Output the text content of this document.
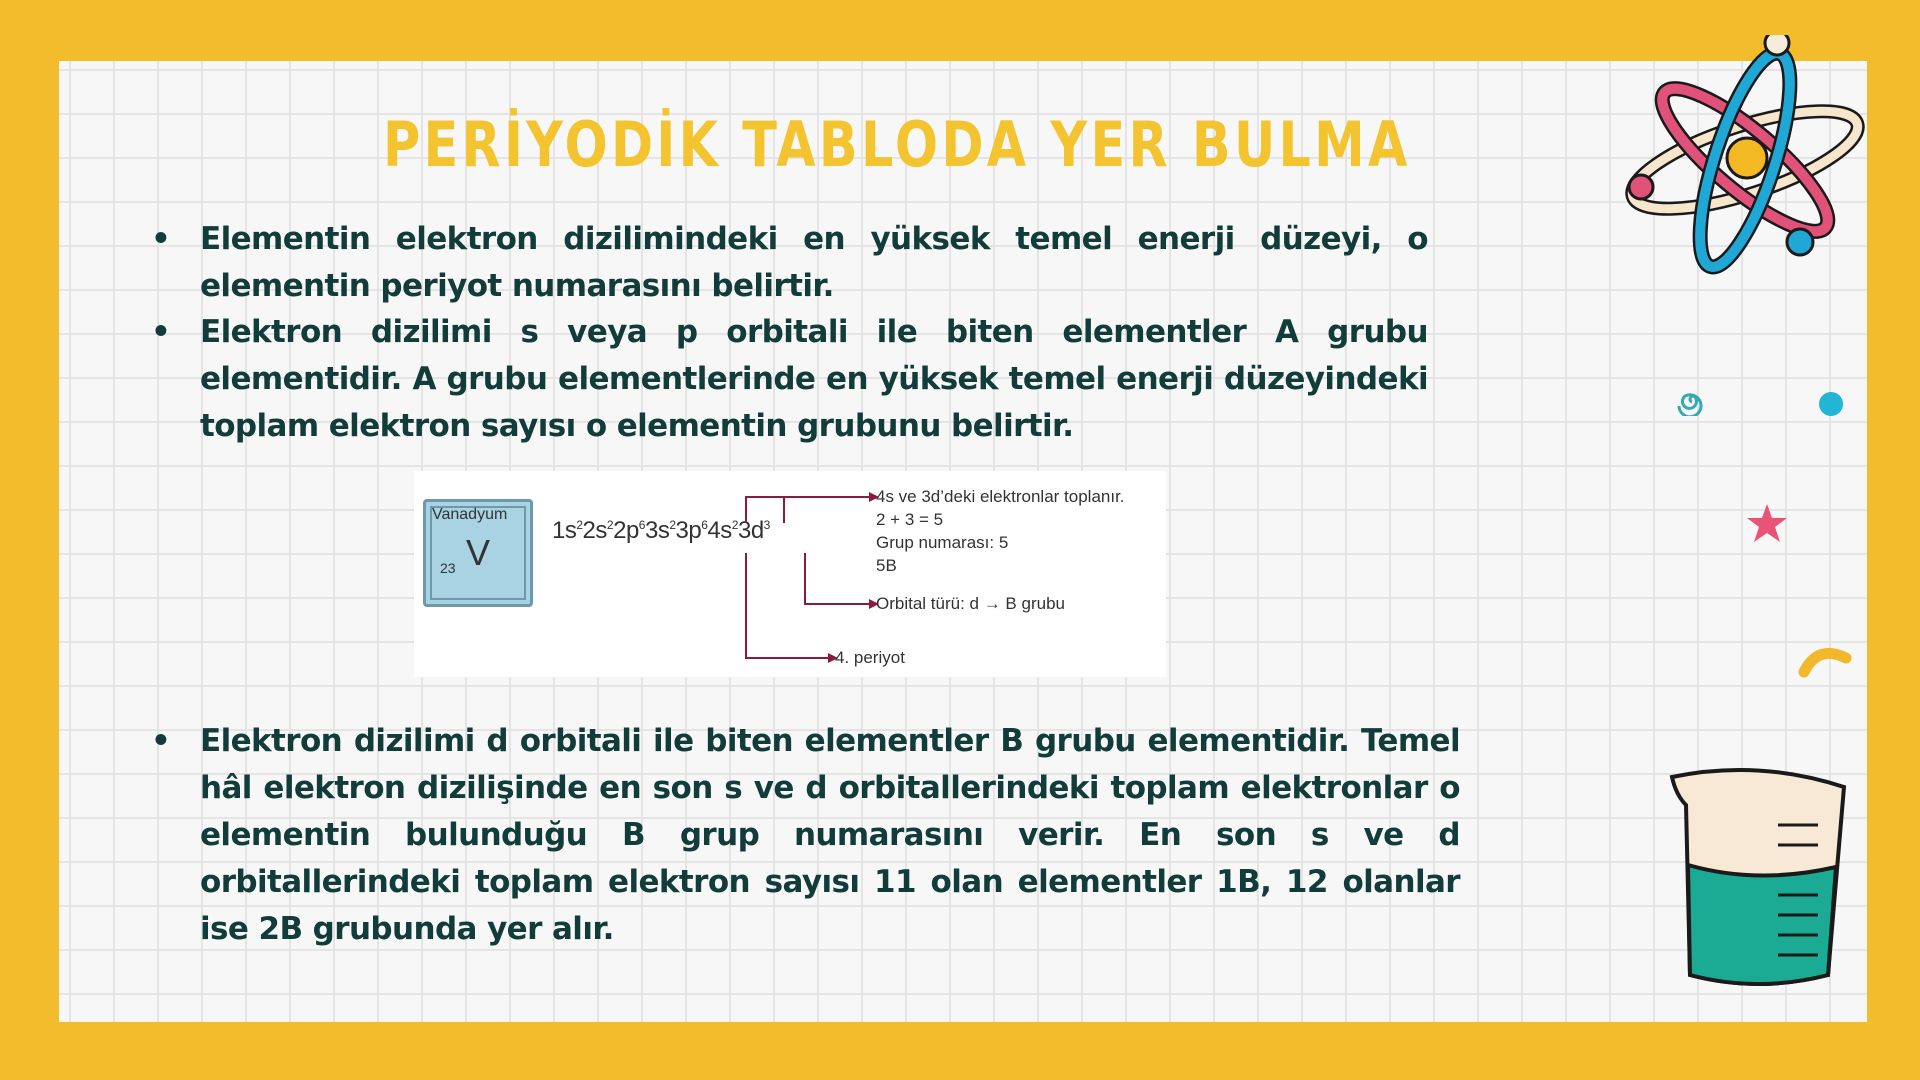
PERİYODİK TABLODA YER BULMA
• Elementin elektron dizilimindeki en yüksek temel enerji düzeyi, o elementin periyot numarasını belirtir.
• Elektron dizilimi s veya p orbitali ile biten elementler A grubu elementidir. A grubu elementlerinde en yüksek temel enerji düzeyindeki toplam elektron sayısı o elementin grubunu belirtir.
• Elektron dizilimi d orbitali ile biten elementler B grubu elementidir. Temel hâl elektron dizilişinde en son s ve d orbitallerindeki toplam elektronlar o elementin bulunduğu B grup numarasını verir. En son s ve d orbitallerindeki toplam elektron sayısı 11 olan elementler 1B, 12 olanlar ise 2B grubunda yer alır.
Vanadyum
V
23
$1s^22s^22p^63s^23p^64s^23d^3$
4s ve 3d’deki elektronlar toplanır.
2 + 3 = 5
Grup numarası: 5
5B
Orbital türü: d → B grubu
4. periyot
